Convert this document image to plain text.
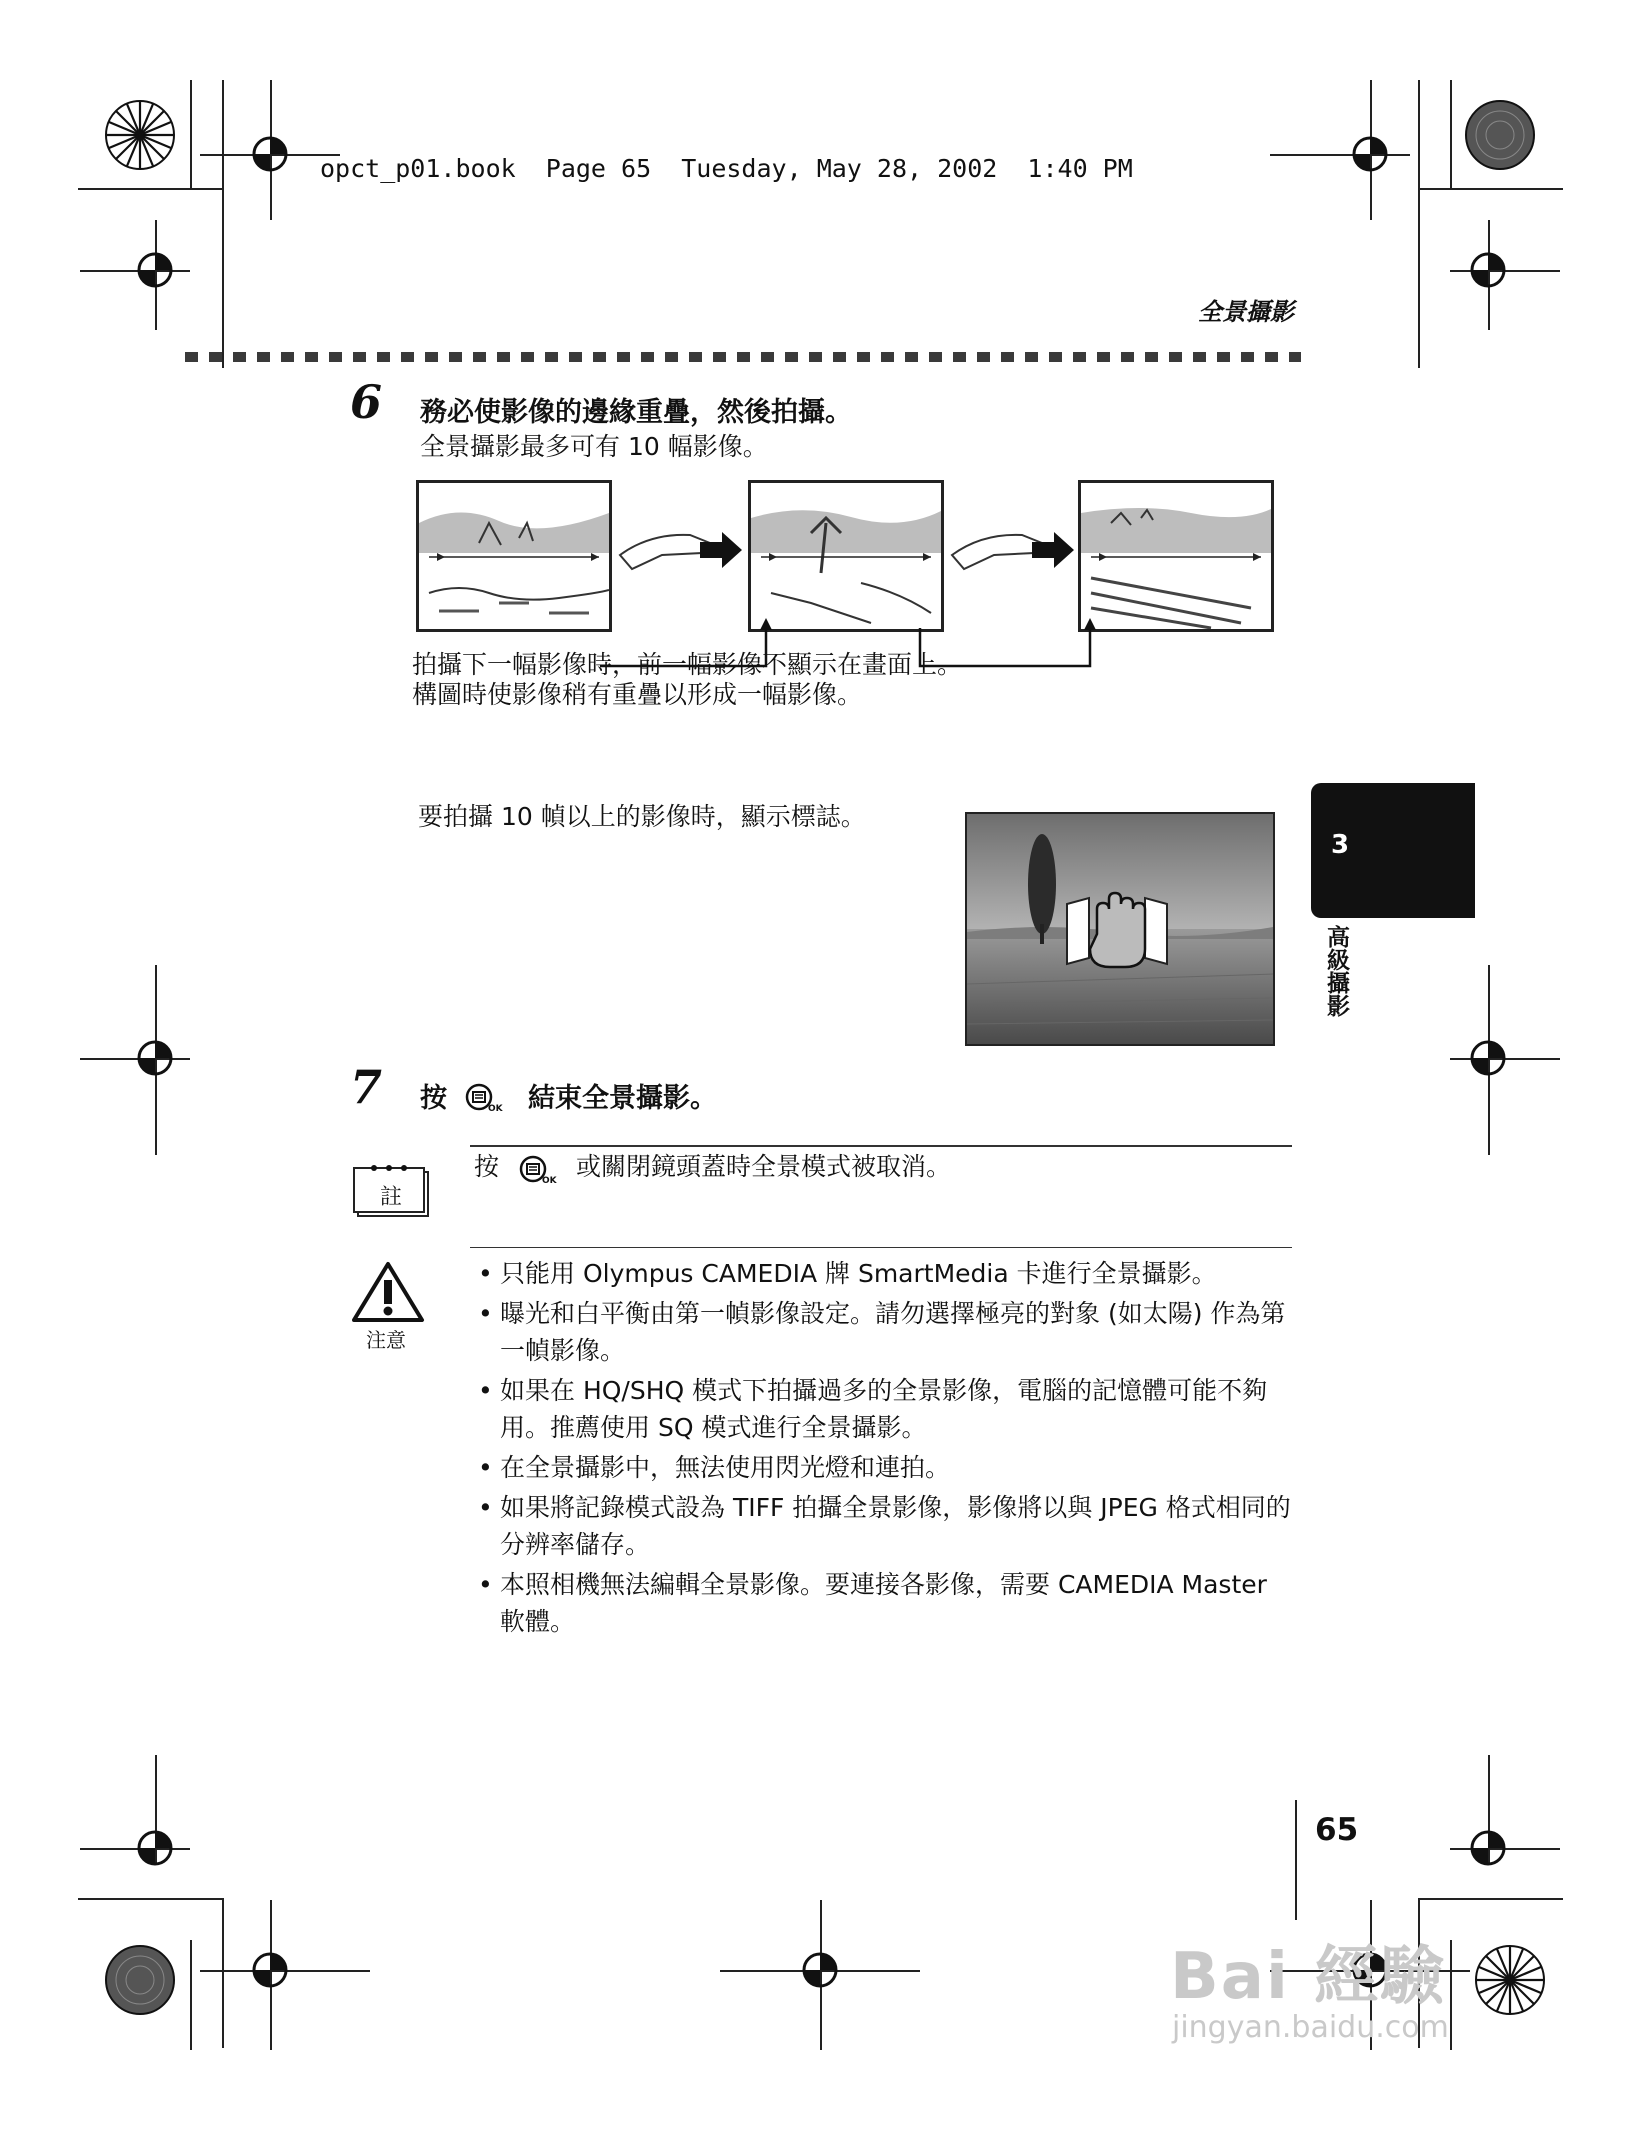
opct_p01.book  Page 65  Tuesday, May 28, 2002  1:40 PM
全景攝影
6 務必使影像的邊緣重疊，然後拍攝。
全景攝影最多可有 10 幅影像。
拍攝下一幅影像時，前一幅影像不顯示在畫面上。
構圖時使影像稍有重疊以形成一幅影像。
要拍攝 10 幀以上的影像時，顯示標誌。
3
高級攝影
7 按	OK 結束全景攝影。
註
按	OK 或關閉鏡頭蓋時全景模式被取消。
注意
• 只能用 Olympus CAMEDIA 牌 SmartMedia 卡進行全景攝影。
• 曝光和白平衡由第一幀影像設定。請勿選擇極亮的對象 (如太陽) 作為第一幀影像。
• 如果在 HQ/SHQ 模式下拍攝過多的全景影像，電腦的記憶體可能不夠用。推薦使用 SQ 模式進行全景攝影。
• 在全景攝影中，無法使用閃光燈和連拍。
• 如果將記錄模式設為 TIFF 拍攝全景影像，影像將以與 JPEG 格式相同的分辨率儲存。
• 本照相機無法編輯全景影像。要連接各影像，需要 CAMEDIA Master 軟體。
65
Bai 經驗
jingyan.baidu.com
